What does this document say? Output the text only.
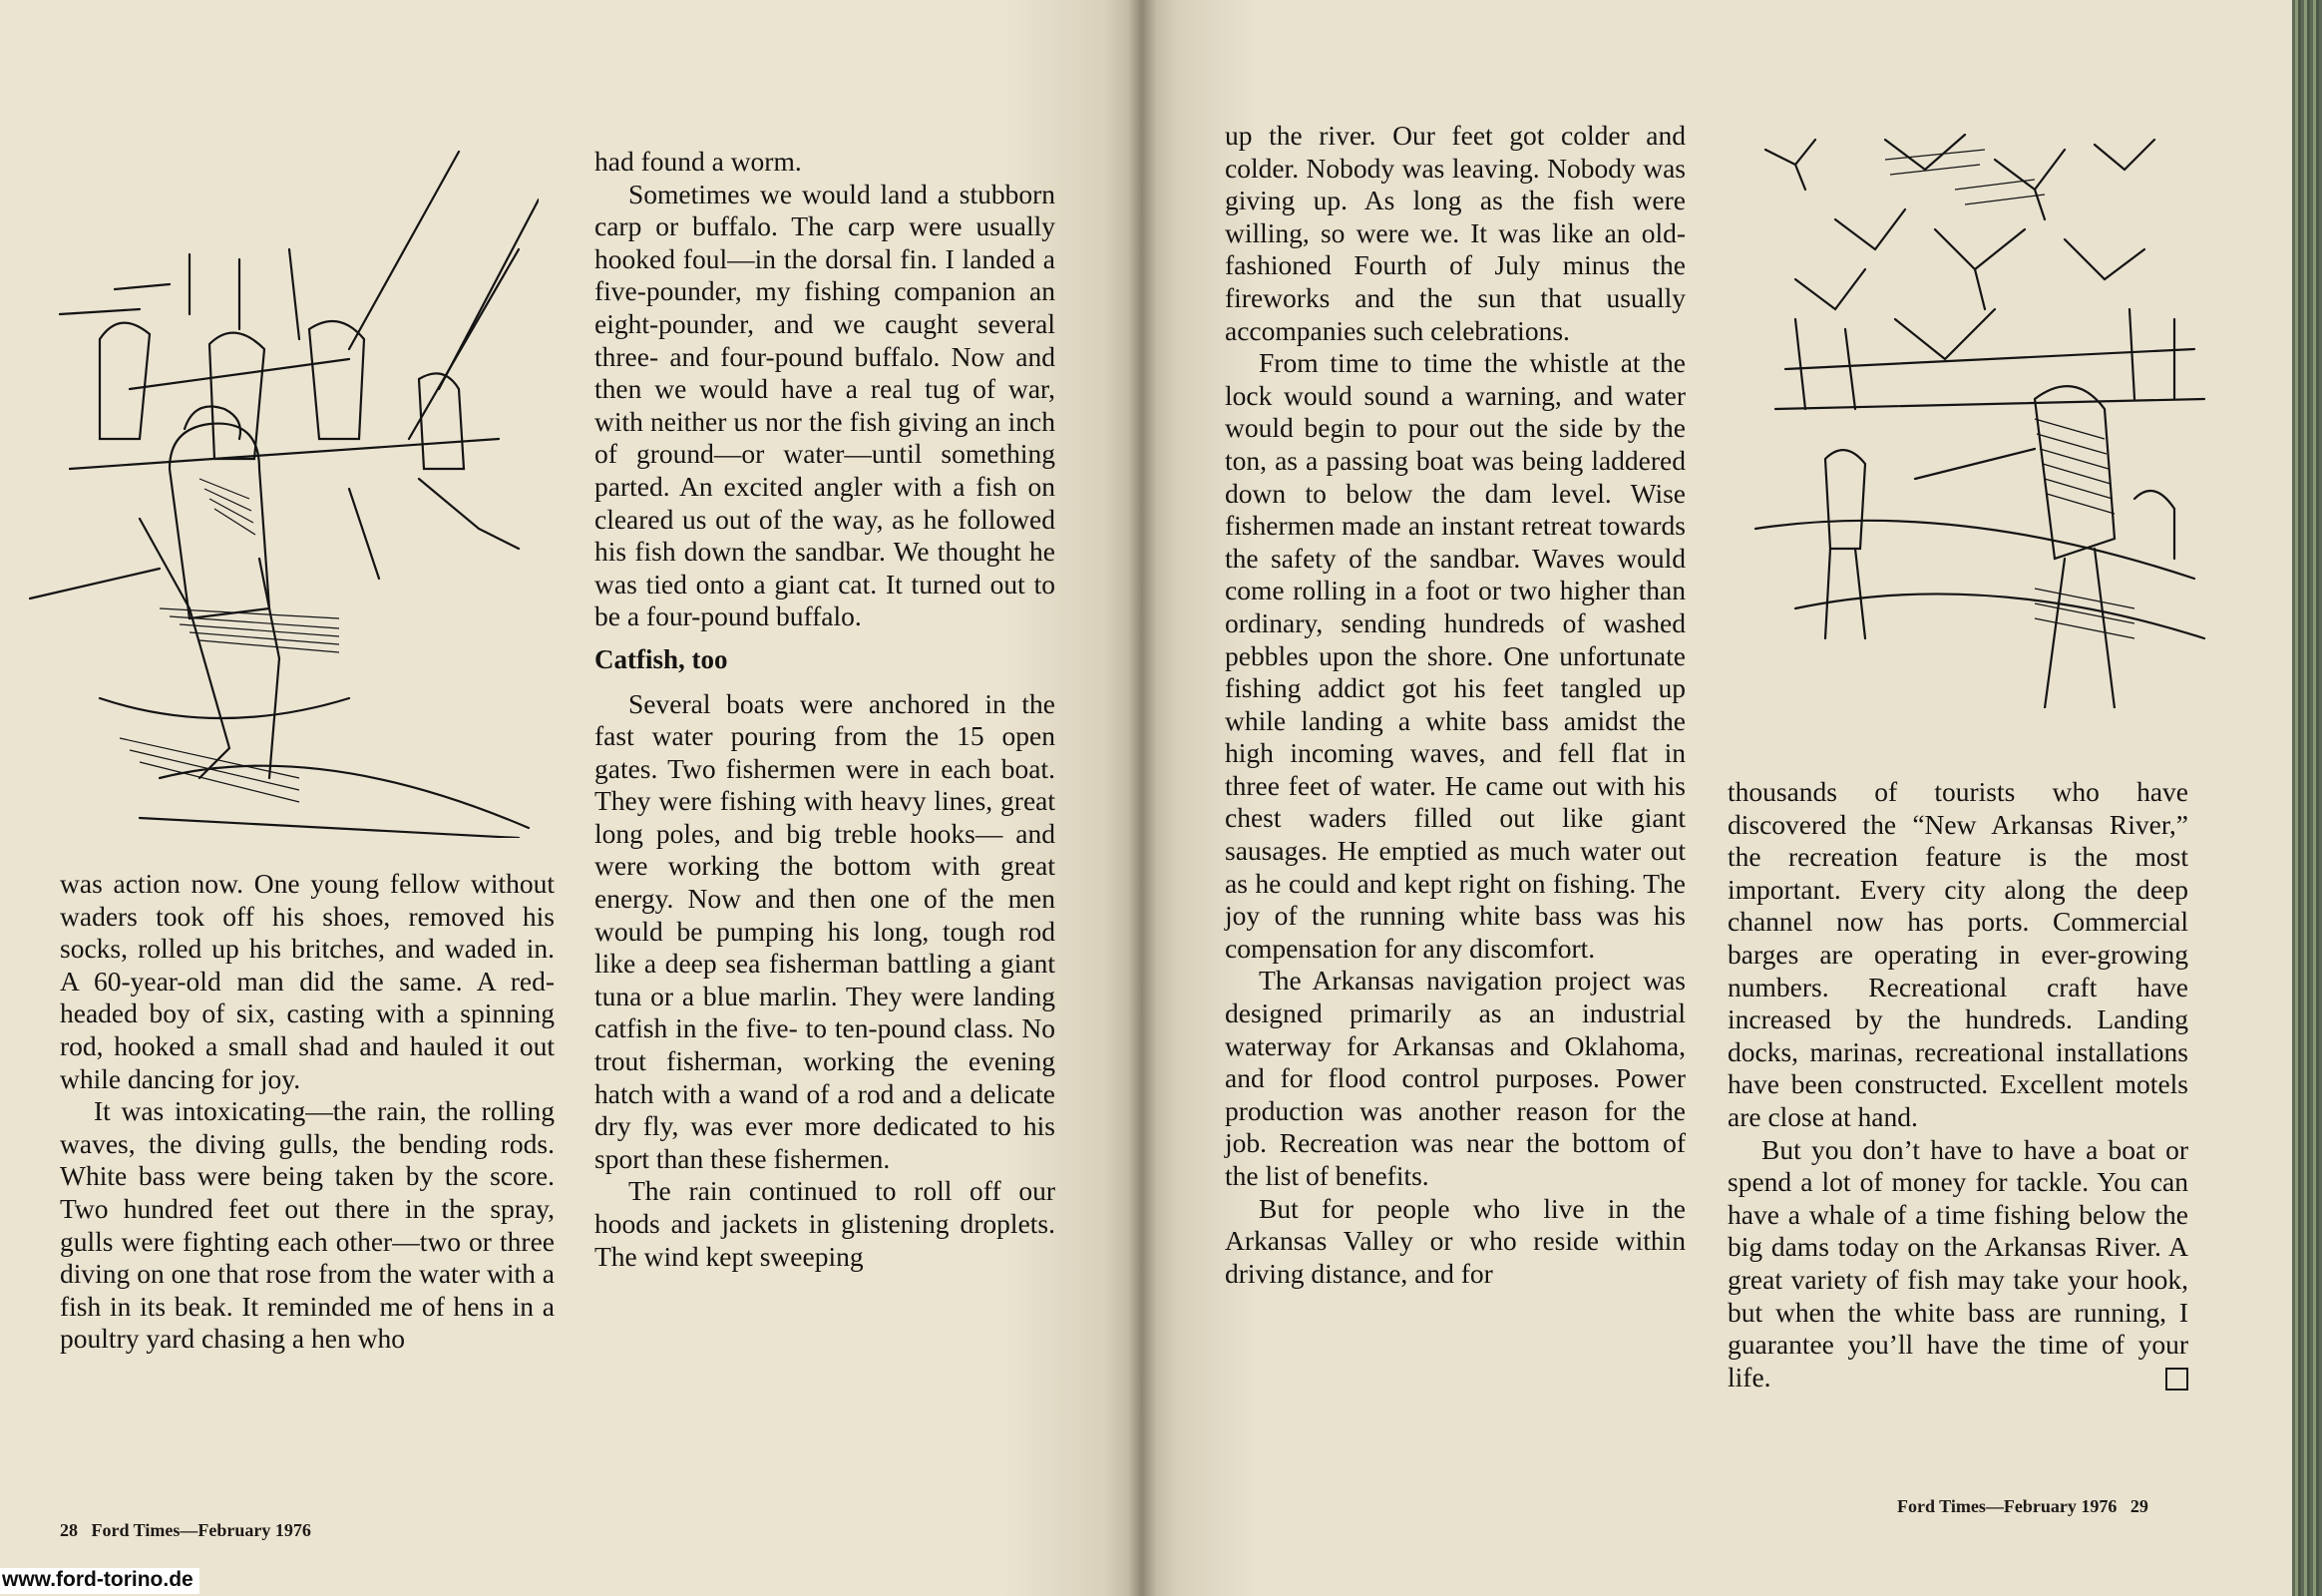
was action now. One young fellow without waders took off his shoes, removed his socks, rolled up his britches, and waded in. A 60-year-old man did the same. A red-headed boy of six, casting with a spinning rod, hooked a small shad and hauled it out while dancing for joy.

It was intoxicating—the rain, the rolling waves, the diving gulls, the bending rods. White bass were being taken by the score. Two hundred feet out there in the spray, gulls were fighting each other—two or three diving on one that rose from the water with a fish in its beak. It reminded me of hens in a poultry yard chasing a hen who

had found a worm.

Sometimes we would land a stubborn carp or buffalo. The carp were usually hooked foul—in the dorsal fin. I landed a five-pounder, my fishing companion an eight-pounder, and we caught several three- and four-pound buffalo. Now and then we would have a real tug of war, with neither us nor the fish giving an inch of ground—or water—until something parted. An excited angler with a fish on cleared us out of the way, as he followed his fish down the sandbar. We thought he was tied onto a giant cat. It turned out to be a four-pound buffalo.

Catfish, too

Several boats were anchored in the fast water pouring from the 15 open gates. Two fishermen were in each boat. They were fishing with heavy lines, great long poles, and big treble hooks— and were working the bottom with great energy. Now and then one of the men would be pumping his long, tough rod like a deep sea fisherman battling a giant tuna or a blue marlin. They were landing catfish in the five- to ten-pound class. No trout fisherman, working the evening hatch with a wand of a rod and a delicate dry fly, was ever more dedicated to his sport than these fishermen.

The rain continued to roll off our hoods and jackets in glistening droplets. The wind kept sweeping

28   Ford Times—February 1976
www.ford-torino.de

up the river. Our feet got colder and colder. Nobody was leaving. Nobody was giving up. As long as the fish were willing, so were we. It was like an old-fashioned Fourth of July minus the fireworks and the sun that usually accompanies such celebrations.

From time to time the whistle at the lock would sound a warning, and water would begin to pour out the side by the ton, as a passing boat was being laddered down to below the dam level. Wise fishermen made an instant retreat towards the safety of the sandbar. Waves would come rolling in a foot or two higher than ordinary, sending hundreds of washed pebbles upon the shore. One unfortunate fishing addict got his feet tangled up while landing a white bass amidst the high incoming waves, and fell flat in three feet of water. He came out with his chest waders filled out like giant sausages. He emptied as much water out as he could and kept right on fishing. The joy of the running white bass was his compensation for any discomfort.

The Arkansas navigation project was designed primarily as an industrial waterway for Arkansas and Oklahoma, and for flood control purposes. Power production was another reason for the job. Recreation was near the bottom of the list of benefits.

But for people who live in the Arkansas Valley or who reside within driving distance, and for

thousands of tourists who have discovered the “New Arkansas River,” the recreation feature is the most important. Every city along the deep channel now has ports. Commercial barges are operating in ever-growing numbers. Recreational craft have increased by the hundreds. Landing docks, marinas, recreational installations have been constructed. Excellent motels are close at hand.

But you don’t have to have a boat or spend a lot of money for tackle. You can have a whale of a time fishing below the big dams today on the Arkansas River. A great variety of fish may take your hook, but when the white bass are running, I guarantee you’ll have the time of your life.

Ford Times—February 1976   29
